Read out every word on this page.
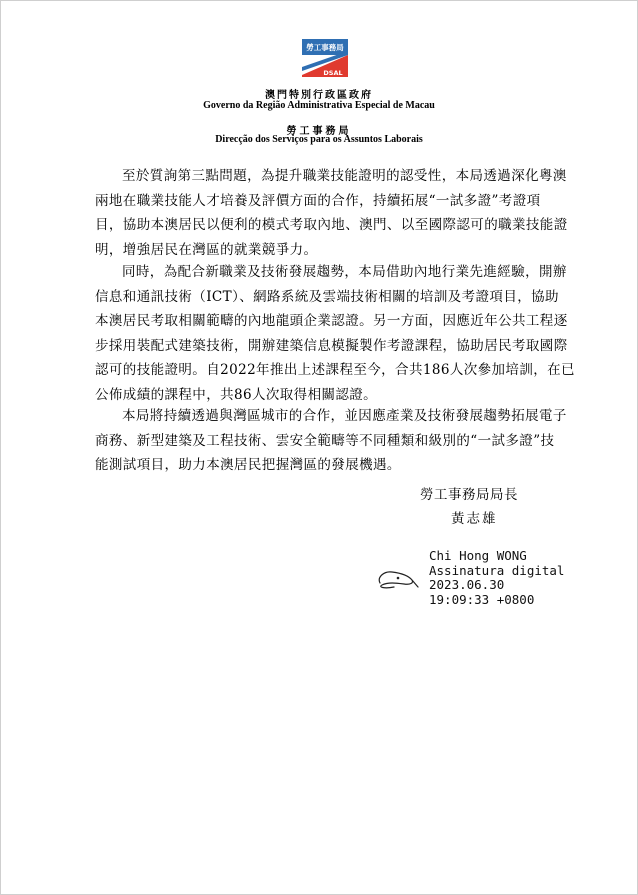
勞工事務局
DSAL
澳門特別行政區政府
Governo da Região Administrativa Especial de Macau
勞工事務局
Direcção dos Serviços para os Assuntos Laborais
至於質詢第三點問題，為提升職業技能證明的認受性，本局透過深化粵澳
兩地在職業技能人才培養及評價方面的合作，持續拓展“一試多證”考證項
目，協助本澳居民以便利的模式考取內地、澳門、以至國際認可的職業技能證
明，增強居民在灣區的就業競爭力。
同時，為配合新職業及技術發展趨勢，本局借助內地行業先進經驗，開辦
信息和通訊技術（ICT）、網路系統及雲端技術相關的培訓及考證項目，協助
本澳居民考取相關範疇的內地龍頭企業認證。另一方面，因應近年公共工程逐
步採用裝配式建築技術，開辦建築信息模擬製作考證課程，協助居民考取國際
認可的技能證明。自2022年推出上述課程至今，合共186人次參加培訓，在已
公佈成績的課程中，共86人次取得相關認證。
本局將持續透過與灣區城市的合作，並因應產業及技術發展趨勢拓展電子
商務、新型建築及工程技術、雲安全範疇等不同種類和級別的“一試多證”技
能測試項目，助力本澳居民把握灣區的發展機遇。
勞工事務局局長
黃志雄
Chi Hong WONG
Assinatura digital
2023.06.30
19:09:33 +0800
